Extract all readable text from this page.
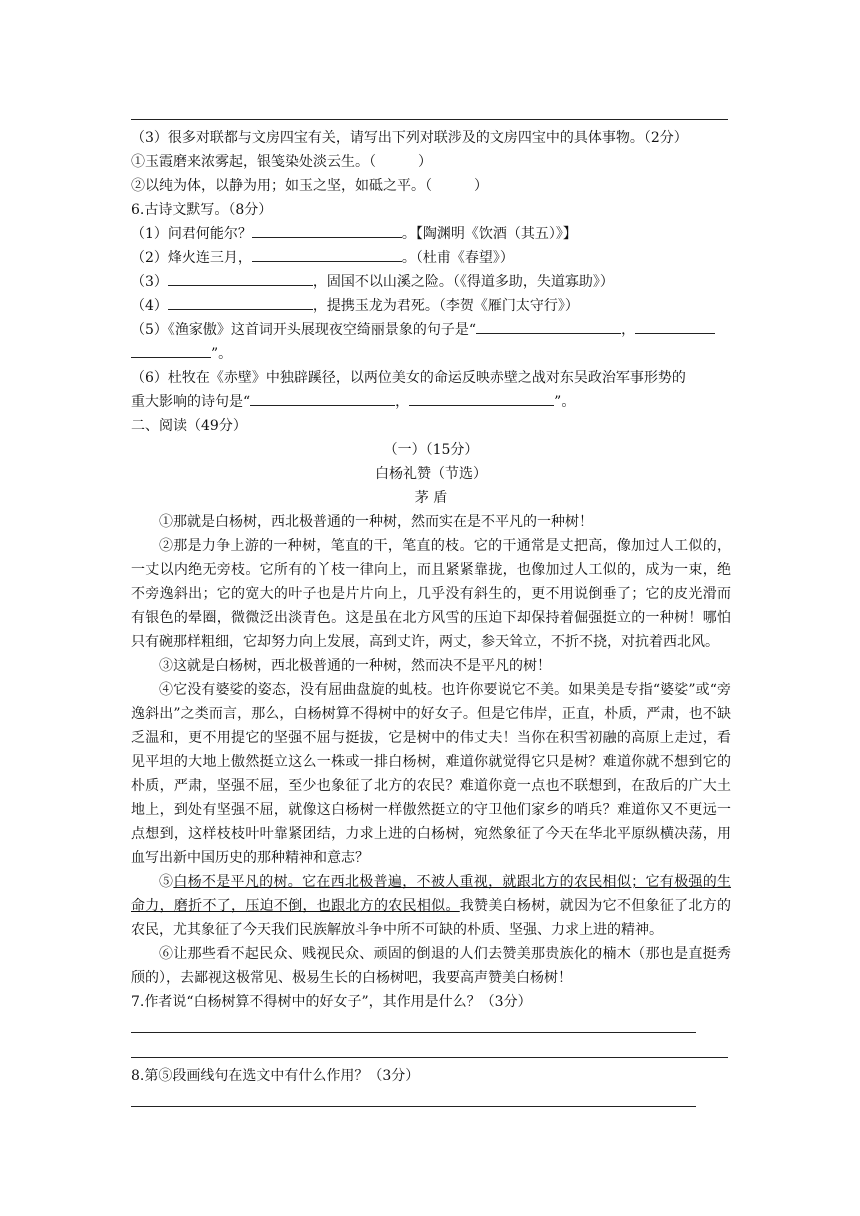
（3）很多对联都与文房四宝有关，请写出下列对联涉及的文房四宝中的具体事物。（2分）
①玉霞磨来浓雾起，银笺染处淡云生。（　　　）
②以纯为体，以静为用；如玉之坚，如砥之平。（　　　）
6.古诗文默写。（8分）
（1）问君何能尔？	。【陶渊明《饮酒（其五）》】
（2）烽火连三月，	。（杜甫《春望》）
（3）	，固国不以山溪之险。（《得道多助，失道寡助》）
（4）	，提携玉龙为君死。（李贺《雁门太守行》）
（5）《渔家傲》这首词开头展现夜空绮丽景象的句子是“	，
”。
（6）杜牧在《赤壁》中独辟蹊径，以两位美女的命运反映赤壁之战对东吴政治军事形势的
重大影响的诗句是“	，	”。
二、阅读（49分）
（一）（15分）
白杨礼赞（节选）
茅 盾
①那就是白杨树，西北极普通的一种树，然而实在是不平凡的一种树！
②那是力争上游的一种树，笔直的干，笔直的枝。它的干通常是丈把高，像加过人工似的，一丈以内绝无旁枝。它所有的丫枝一律向上，而且紧紧靠拢，也像加过人工似的，成为一束，绝不旁逸斜出；它的宽大的叶子也是片片向上，几乎没有斜生的，更不用说倒垂了；它的皮光滑而有银色的晕圈，微微泛出淡青色。这是虽在北方风雪的压迫下却保持着倔强挺立的一种树！哪怕只有碗那样粗细，它却努力向上发展，高到丈许，两丈，参天耸立，不折不挠，对抗着西北风。
③这就是白杨树，西北极普通的一种树，然而决不是平凡的树！
④它没有婆娑的姿态，没有屈曲盘旋的虬枝。也许你要说它不美。如果美是专指“婆娑”或“旁逸斜出”之类而言，那么，白杨树算不得树中的好女子。但是它伟岸，正直，朴质，严肃，也不缺乏温和，更不用提它的坚强不屈与挺拔，它是树中的伟丈夫！当你在积雪初融的高原上走过，看见平坦的大地上傲然挺立这么一株或一排白杨树，难道你就觉得它只是树？难道你就不想到它的朴质，严肃，坚强不屈，至少也象征了北方的农民？难道你竟一点也不联想到，在敌后的广大土地上，到处有坚强不屈，就像这白杨树一样傲然挺立的守卫他们家乡的哨兵？难道你又不更远一点想到，这样枝枝叶叶靠紧团结，力求上进的白杨树，宛然象征了今天在华北平原纵横决荡，用血写出新中国历史的那种精神和意志？
⑤白杨不是平凡的树。它在西北极普遍，不被人重视，就跟北方的农民相似；它有极强的生命力，磨折不了，压迫不倒，也跟北方的农民相似。我赞美白杨树，就因为它不但象征了北方的农民，尤其象征了今天我们民族解放斗争中所不可缺的朴质、坚强、力求上进的精神。
⑥让那些看不起民众、贱视民众、顽固的倒退的人们去赞美那贵族化的楠木（那也是直挺秀颀的），去鄙视这极常见、极易生长的白杨树吧，我要高声赞美白杨树！
7.作者说“白杨树算不得树中的好女子”，其作用是什么？（3分）
8.第⑤段画线句在选文中有什么作用？（3分）
